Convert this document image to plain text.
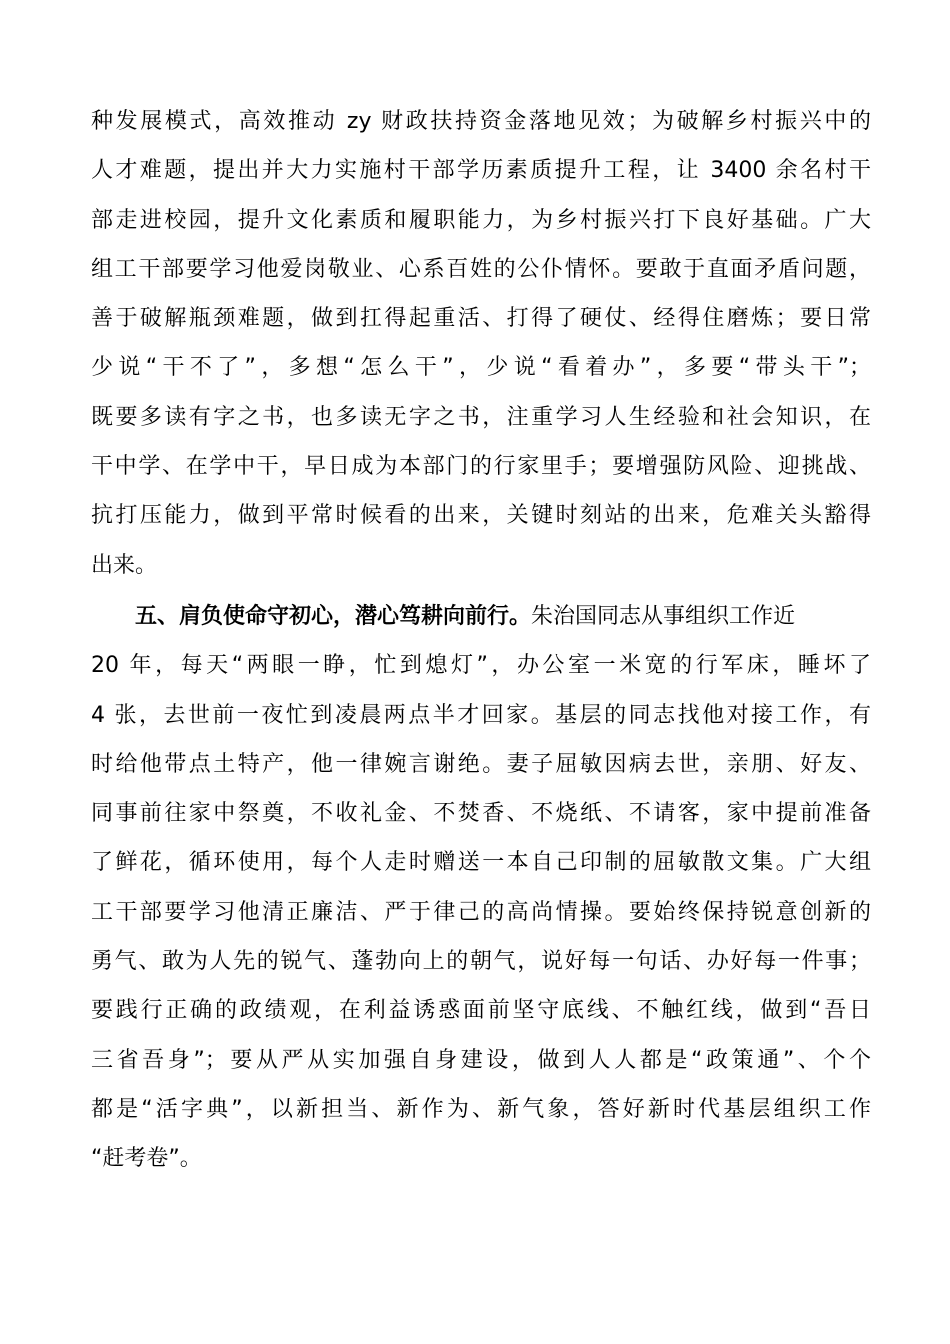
种发展模式，高效推动 zy 财政扶持资金落地见效；为破解乡村振兴中的
人才难题，提出并大力实施村干部学历素质提升工程，让 3400 余名村干
部走进校园，提升文化素质和履职能力，为乡村振兴打下良好基础。广大
组工干部要学习他爱岗敬业、心系百姓的公仆情怀。要敢于直面矛盾问题，
善于破解瓶颈难题，做到扛得起重活、打得了硬仗、经得住磨炼；要日常
少说“干不了”，多想“怎么干”，少说“看着办”，多要“带头干”；
既要多读有字之书，也多读无字之书，注重学习人生经验和社会知识，在
干中学、在学中干，早日成为本部门的行家里手；要增强防风险、迎挑战、
抗打压能力，做到平常时候看的出来，关键时刻站的出来，危难关头豁得
出来。
五、肩负使命守初心，潜心笃耕向前行。朱治国同志从事组织工作近
20 年，每天“两眼一睁，忙到熄灯”，办公室一米宽的行军床，睡坏了
4 张，去世前一夜忙到凌晨两点半才回家。基层的同志找他对接工作，有
时给他带点土特产，他一律婉言谢绝。妻子屈敏因病去世，亲朋、好友、
同事前往家中祭奠，不收礼金、不焚香、不烧纸、不请客，家中提前准备
了鲜花，循环使用，每个人走时赠送一本自己印制的屈敏散文集。广大组
工干部要学习他清正廉洁、严于律己的高尚情操。要始终保持锐意创新的
勇气、敢为人先的锐气、蓬勃向上的朝气，说好每一句话、办好每一件事；
要践行正确的政绩观，在利益诱惑面前坚守底线、不触红线，做到“吾日
三省吾身”；要从严从实加强自身建设，做到人人都是“政策通”、个个
都是“活字典”，以新担当、新作为、新气象，答好新时代基层组织工作
“赶考卷”。
